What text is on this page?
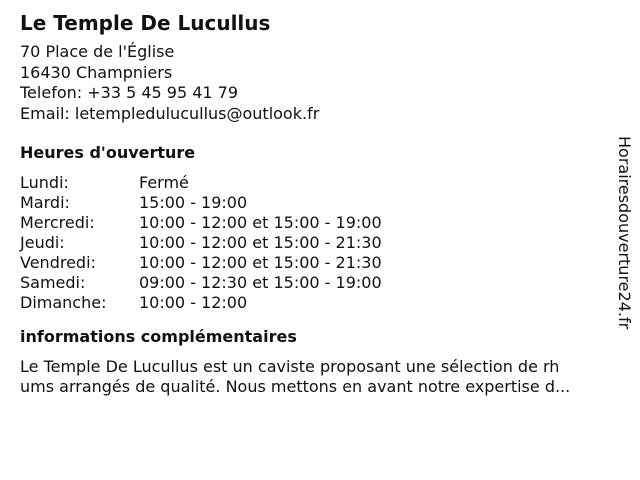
Le Temple De Lucullus
70 Place de l'Église
16430 Champniers
Telefon: +33 5 45 95 41 79
Email: letempledulucullus@outlook.fr
Heures d'ouverture
Lundi:	Fermé
Mardi:	15:00 - 19:00
Mercredi:	10:00 - 12:00 et 15:00 - 19:00
Jeudi:	10:00 - 12:00 et 15:00 - 21:30
Vendredi:	10:00 - 12:00 et 15:00 - 21:30
Samedi:	09:00 - 12:30 et 15:00 - 19:00
Dimanche:	10:00 - 12:00
informations complémentaires
Le Temple De Lucullus est un caviste proposant une sélection de rh
ums arrangés de qualité. Nous mettons en avant notre expertise d...
Horairesdouverture24.fr
